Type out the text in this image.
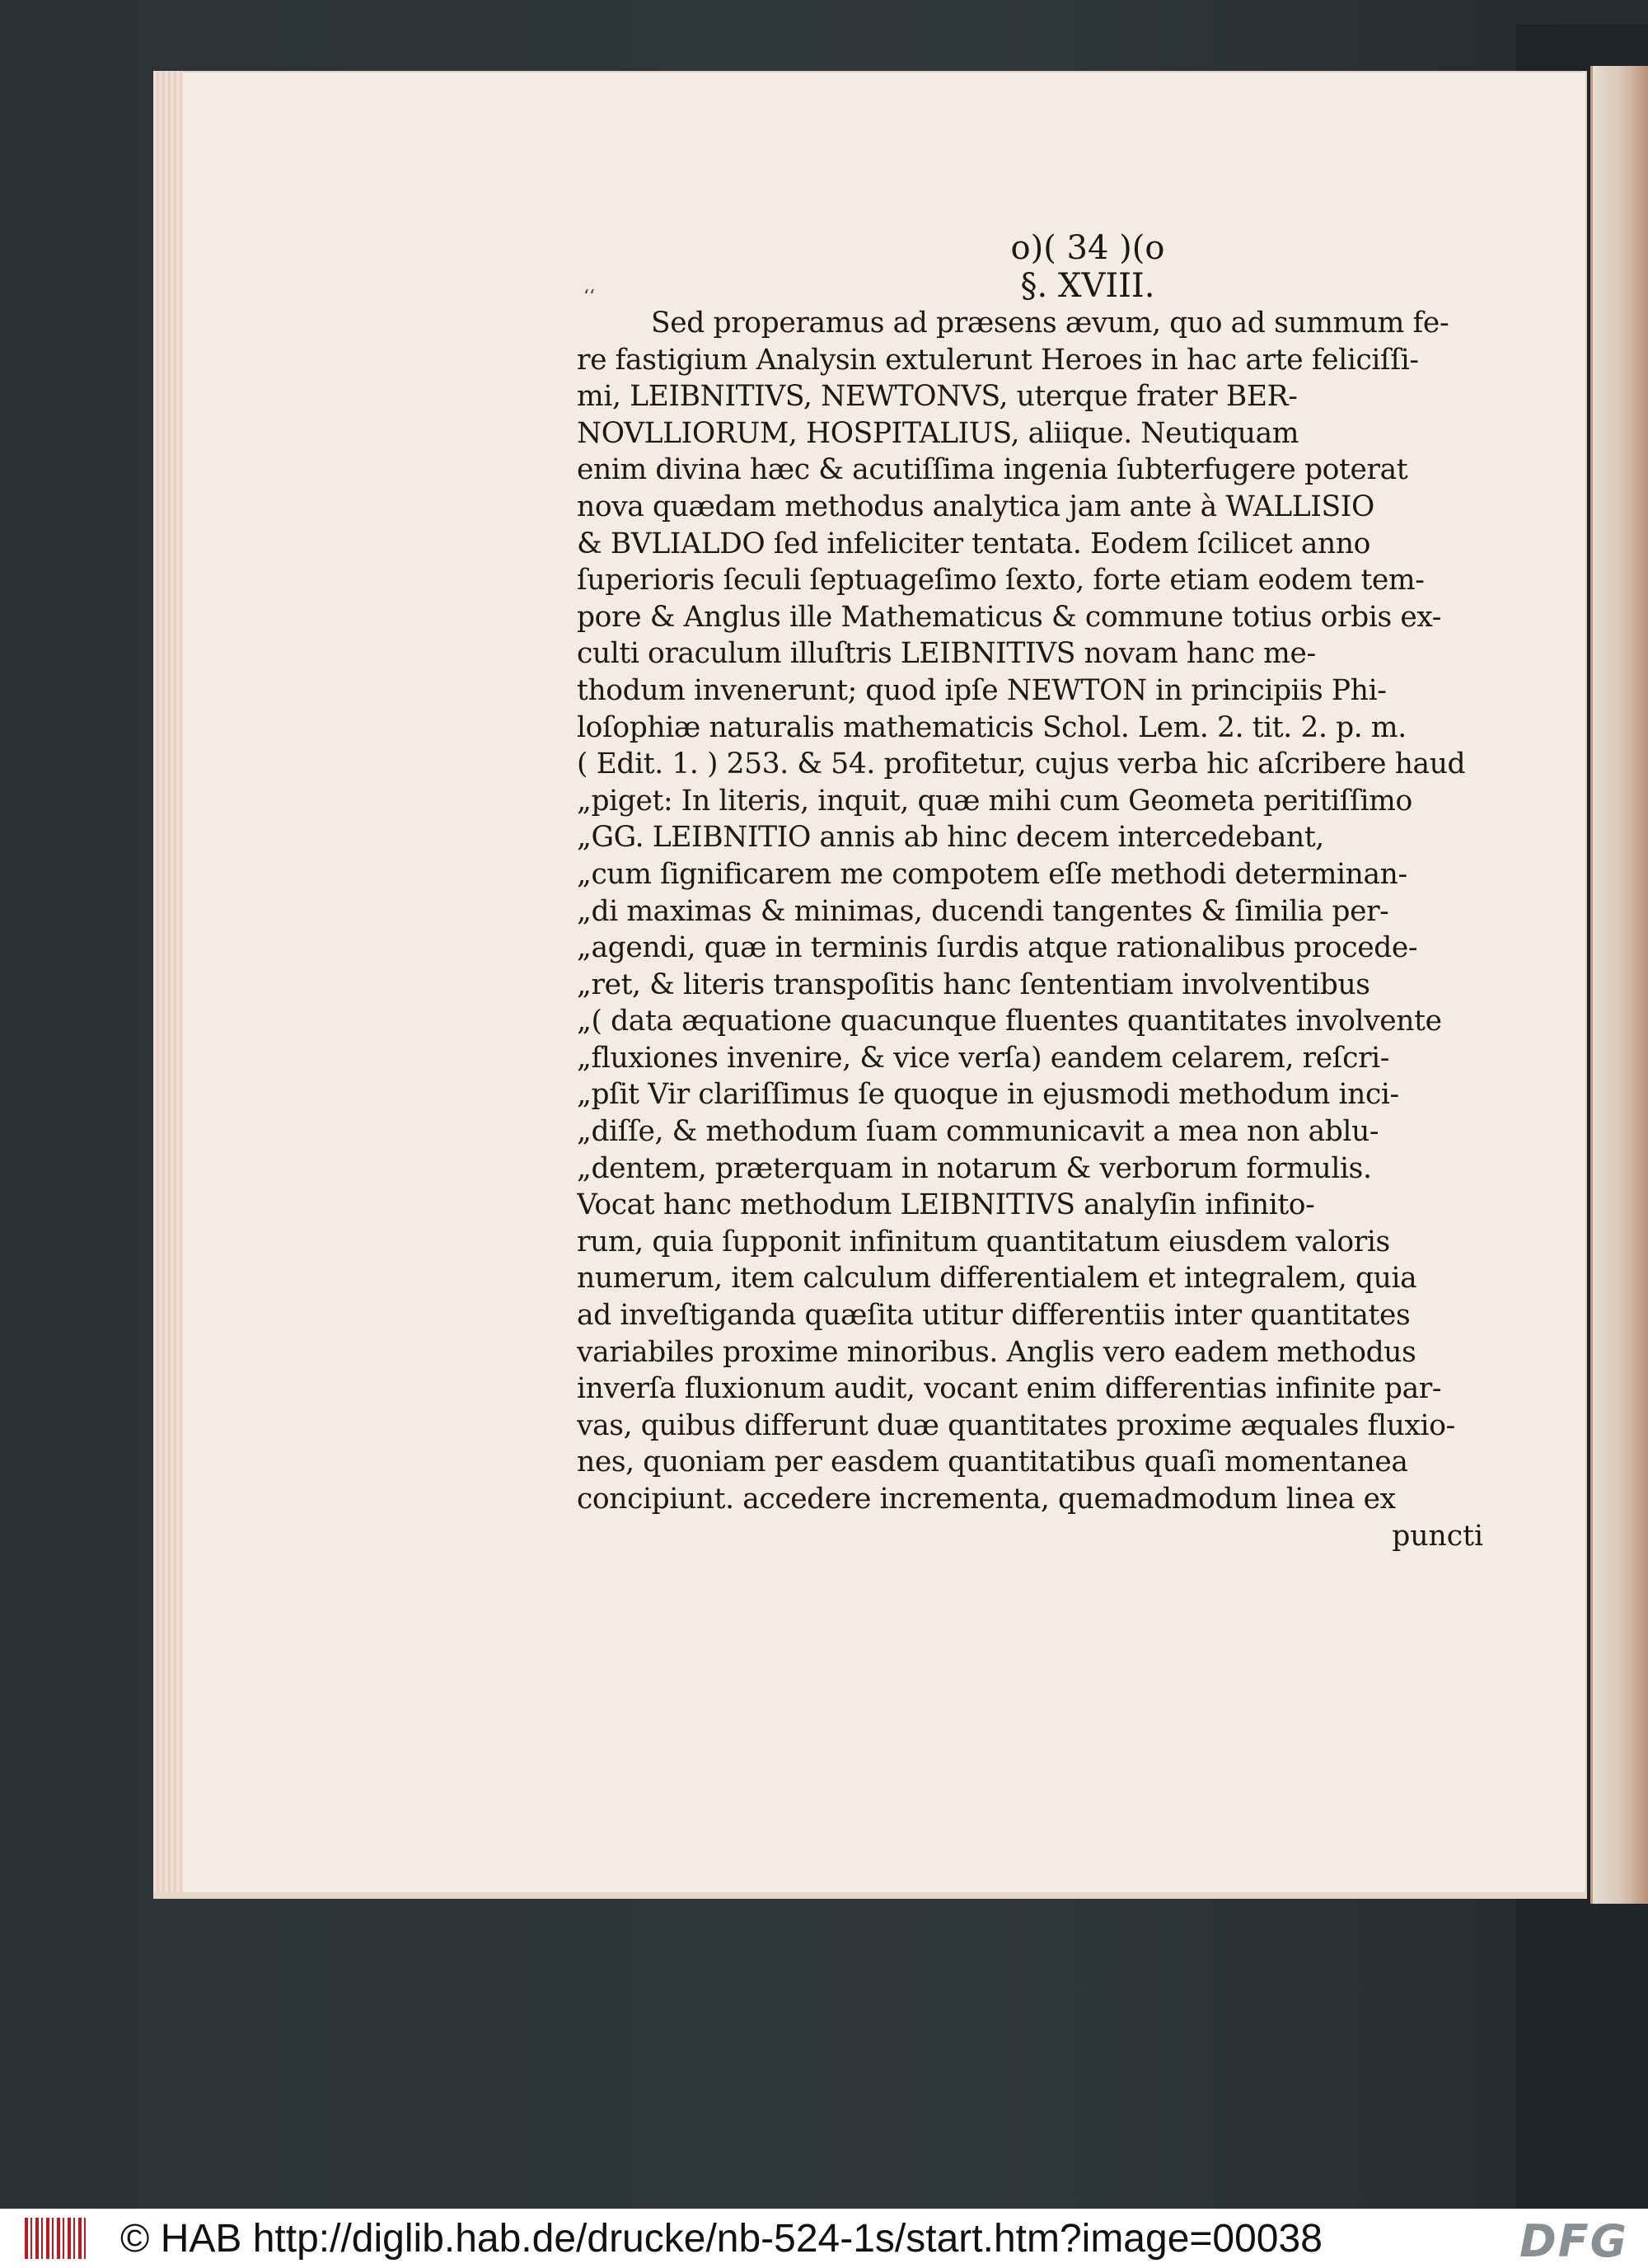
ʻʻ
o)( 34 )(o
§. XVIII.
Sed properamus ad præsens ævum, quo ad summum fe-
re fastigium Analysin extulerunt Heroes in hac arte feliciſſi-
mi, LEIBNITIVS, NEWTONVS, uterque frater BER-
NOVLLIORUM, HOSPITALIUS, aliique. Neutiquam
enim divina hæc & acutiſſima ingenia ſubterfugere poterat
nova quædam methodus analytica jam ante à WALLISIO
& BVLIALDO ſed infeliciter tentata. Eodem ſcilicet anno
ſuperioris ſeculi ſeptuageſimo ſexto, forte etiam eodem tem-
pore & Anglus ille Mathematicus & commune totius orbis ex-
culti oraculum illuſtris LEIBNITIVS novam hanc me-
thodum invenerunt; quod ipſe NEWTON in principiis Phi-
loſophiæ naturalis mathematicis Schol. Lem. 2. tit. 2. p. m.
( Edit. 1. ) 253. & 54. profitetur, cujus verba hic aſcribere haud
„piget: In literis, inquit, quæ mihi cum Geometa peritiſſimo
„GG. LEIBNITIO annis ab hinc decem intercedebant,
„cum ſignificarem me compotem eſſe methodi determinan-
„di maximas & minimas, ducendi tangentes & ſimilia per-
„agendi, quæ in terminis ſurdis atque rationalibus procede-
„ret, & literis transpoſitis hanc ſententiam involventibus
„( data æquatione quacunque fluentes quantitates involvente
„fluxiones invenire, & vice verſa) eandem celarem, reſcri-
„pſit Vir clariſſimus ſe quoque in ejusmodi methodum inci-
„diſſe, & methodum ſuam communicavit a mea non ablu-
„dentem, præterquam in notarum & verborum formulis.
Vocat hanc methodum LEIBNITIVS analyſin infinito-
rum, quia ſupponit infinitum quantitatum eiusdem valoris
numerum, item calculum differentialem et integralem, quia
ad inveſtiganda quæſita utitur differentiis inter quantitates
variabiles proxime minoribus. Anglis vero eadem methodus
inverſa fluxionum audit, vocant enim differentias infinite par-
vas, quibus differunt duæ quantitates proxime æquales fluxio-
nes, quoniam per easdem quantitatibus quaſi momentanea
concipiunt. accedere incrementa, quemadmodum linea ex
puncti
© HAB http://diglib.hab.de/drucke/nb-524-1s/start.htm?image=00038	DFG
